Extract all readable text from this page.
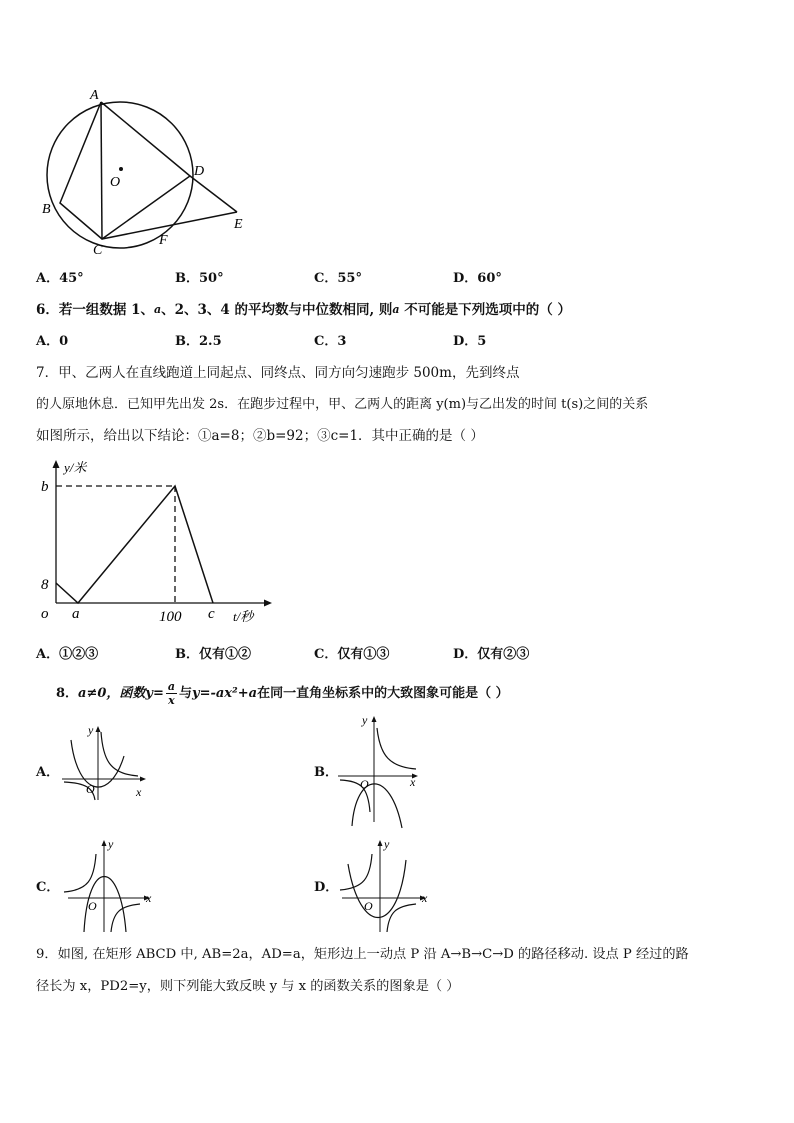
A
B
C
D
E
F
O
A．45°	B．50°	C．55°	D．60°
6．若一组数据 1、$^a$、2、3、4 的平均数与中位数相同, 则$^a$ 不可能是下列选项中的（ ）
A．0	B．2.5	C．3	D．5
7．甲、乙两人在直线跑道上同起点、同终点、同方向匀速跑步 500m，先到终点
的人原地休息．已知甲先出发 2s．在跑步过程中，甲、乙两人的距离 y(m)与乙出发的时间 t(s)之间的关系
如图所示，给出以下结论：①a=8；②b=92；③c=1．其中正确的是（ ）
y/米
b
8
o a	100 c t/秒
A．①②③	B．仅有①②	C．仅有①③	D．仅有②③
8．a≠0，函数$y= \frac{a}{x}$ 与y=-ax²+a在同一直角坐标系中的大致图象可能是（ ）
A．
y
x
O
B．
y
x
O
C．
y
x
O
D．
y
x
O
9．如图, 在矩形 ABCD 中, AB=2a，AD=a，矩形边上一动点 P 沿 A→B→C→D 的路径移动. 设点 P 经过的路
径长为 x，PD2=y，则下列能大致反映 y 与 x 的函数关系的图象是（ ）
